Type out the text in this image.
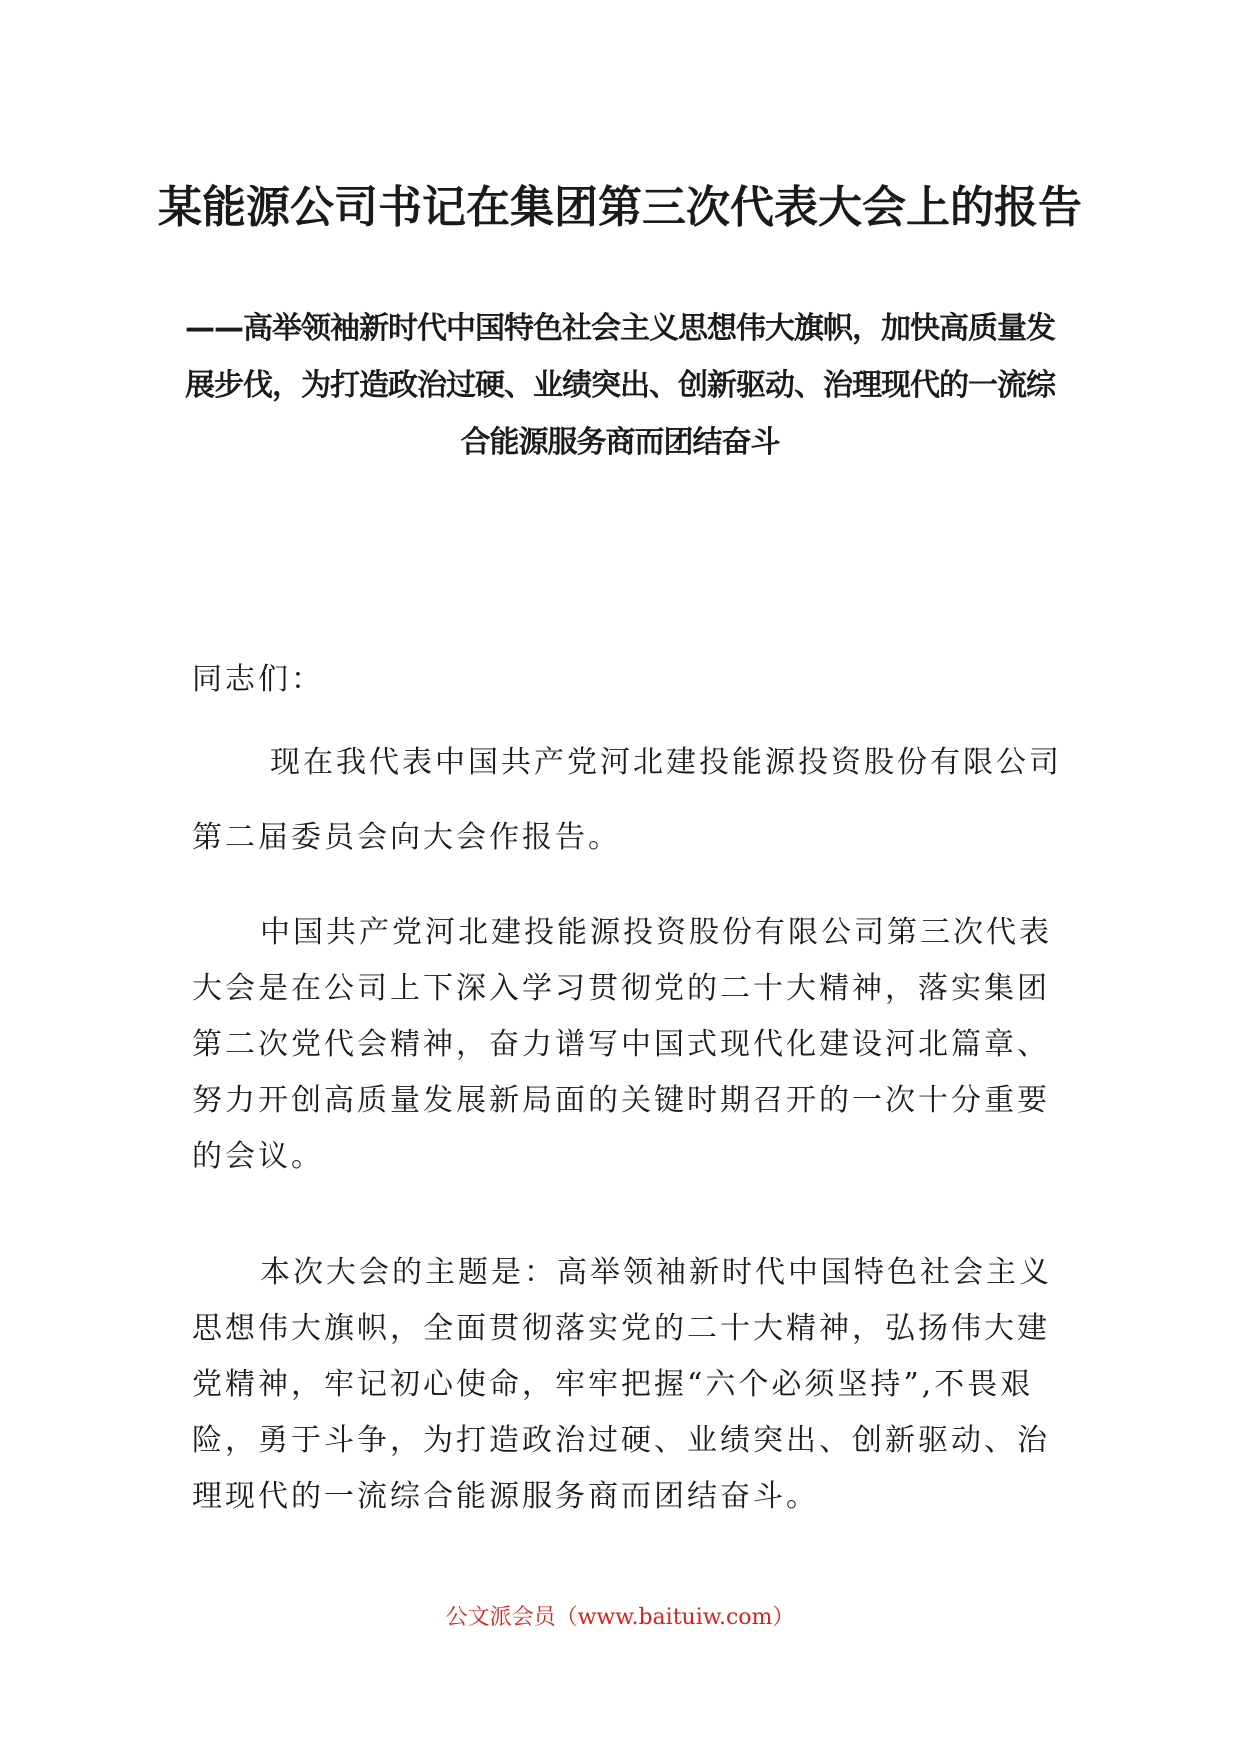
某能源公司书记在集团第三次代表大会上的报告
——高举领袖新时代中国特色社会主义思想伟大旗帜，加快高质量发展步伐，为打造政治过硬、业绩突出、创新驱动、治理现代的一流综合能源服务商而团结奋斗

同志们：

现在我代表中国共产党河北建投能源投资股份有限公司第二届委员会向大会作报告。

中国共产党河北建投能源投资股份有限公司第三次代表大会是在公司上下深入学习贯彻党的二十大精神，落实集团第二次党代会精神，奋力谱写中国式现代化建设河北篇章、努力开创高质量发展新局面的关键时期召开的一次十分重要的会议。

本次大会的主题是：高举领袖新时代中国特色社会主义思想伟大旗帜，全面贯彻落实党的二十大精神，弘扬伟大建党精神，牢记初心使命，牢牢把握“六个必须坚持”,不畏艰险，勇于斗争，为打造政治过硬、业绩突出、创新驱动、治理现代的一流综合能源服务商而团结奋斗。

公文派会员（www.baituiw.com）
